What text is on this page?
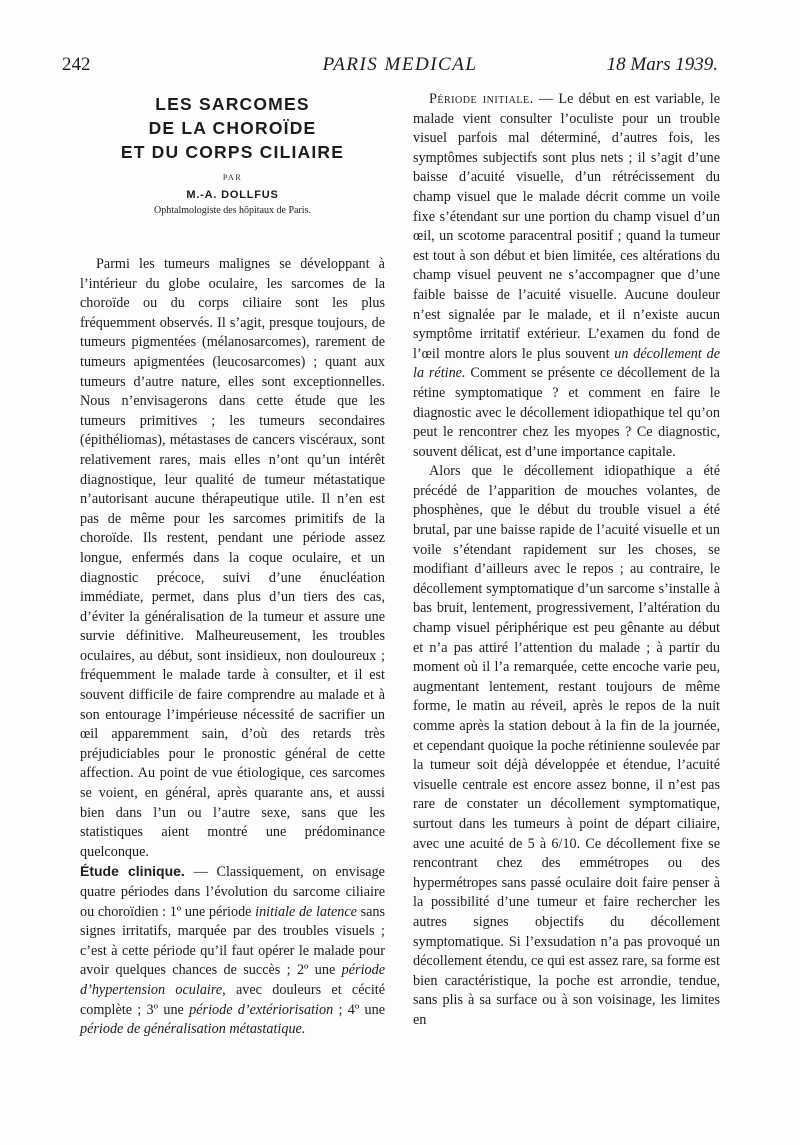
242	PARIS MEDICAL	18 Mars 1939.
LES SARCOMES
DE LA CHOROÏDE
ET DU CORPS CILIAIRE
PAR
M.-A. DOLLFUS
Ophtalmologiste des hôpitaux de Paris.

Parmi les tumeurs malignes se développant à l’intérieur du globe oculaire, les sarcomes de la choroïde ou du corps ciliaire sont les plus fréquemment observés. Il s’agit, presque toujours, de tumeurs pigmentées (mélanosarcomes), rarement de tumeurs apigmentées (leucosarcomes) ; quant aux tumeurs d’autre nature, elles sont exceptionnelles. Nous n’envisagerons dans cette étude que les tumeurs primitives ; les tumeurs secondaires (épithéliomas), métastases de cancers viscéraux, sont relativement rares, mais elles n’ont qu’un intérêt diagnostique, leur qualité de tumeur métastatique n’autorisant aucune thérapeutique utile. Il n’en est pas de même pour les sarcomes primitifs de la choroïde. Ils restent, pendant une période assez longue, enfermés dans la coque oculaire, et un diagnostic précoce, suivi d’une énucléation immédiate, permet, dans plus d’un tiers des cas, d’éviter la généralisation de la tumeur et assure une survie définitive. Malheureusement, les troubles oculaires, au début, sont insidieux, non douloureux ; fréquemment le malade tarde à consulter, et il est souvent difficile de faire comprendre au malade et à son entourage l’impérieuse nécessité de sacrifier un œil apparemment sain, d’où des retards très préjudiciables pour le pronostic général de cette affection. Au point de vue étiologique, ces sarcomes se voient, en général, après quarante ans, et aussi bien dans l’un ou l’autre sexe, sans que les statistiques aient montré une prédominance quelconque.

Étude clinique. — Classiquement, on envisage quatre périodes dans l’évolution du sarcome ciliaire ou choroïdien : 1º une période initiale de latence sans signes irritatifs, marquée par des troubles visuels ; c’est à cette période qu’il faut opérer le malade pour avoir quelques chances de succès ; 2º une période d’hypertension oculaire, avec douleurs et cécité complète ; 3º une période d’extériorisation ; 4º une période de généralisation métastatique.

Période initiale. — Le début en est variable, le malade vient consulter l’oculiste pour un trouble visuel parfois mal déterminé, d’autres fois, les symptômes subjectifs sont plus nets ; il s’agit d’une baisse d’acuité visuelle, d’un rétrécissement du champ visuel que le malade décrit comme un voile fixe s’étendant sur une portion du champ visuel d’un œil, un scotome paracentral positif ; quand la tumeur est tout à son début et bien limitée, ces altérations du champ visuel peuvent ne s’accompagner que d’une faible baisse de l’acuité visuelle. Aucune douleur n’est signalée par le malade, et il n’existe aucun symptôme irritatif extérieur. L’examen du fond de l’œil montre alors le plus souvent un décollement de la rétine. Comment se présente ce décollement de la rétine symptomatique ? et comment en faire le diagnostic avec le décollement idiopathique tel qu’on peut le rencontrer chez les myopes ? Ce diagnostic, souvent délicat, est d’une importance capitale.

Alors que le décollement idiopathique a été précédé de l’apparition de mouches volantes, de phosphènes, que le début du trouble visuel a été brutal, par une baisse rapide de l’acuité visuelle et un voile s’étendant rapidement sur les choses, se modifiant d’ailleurs avec le repos ; au contraire, le décollement symptomatique d’un sarcome s’installe à bas bruit, lentement, progressivement, l’altération du champ visuel périphérique est peu gênante au début et n’a pas attiré l’attention du malade ; à partir du moment où il l’a remarquée, cette encoche varie peu, augmentant lentement, restant toujours de même forme, le matin au réveil, après le repos de la nuit comme après la station debout à la fin de la journée, et cependant quoique la poche rétinienne soulevée par la tumeur soit déjà développée et étendue, l’acuité visuelle centrale est encore assez bonne, il n’est pas rare de constater un décollement symptomatique, surtout dans les tumeurs à point de départ ciliaire, avec une acuité de 5 à 6/10. Ce décollement fixe se rencontrant chez des emmétropes ou des hypermétropes sans passé oculaire doit faire penser à la possibilité d’une tumeur et faire rechercher les autres signes objectifs du décollement symptomatique. Si l’exsudation n’a pas provoqué un décollement étendu, ce qui est assez rare, sa forme est bien caractéristique, la poche est arrondie, tendue, sans plis à sa surface ou à son voisinage, les limites en
